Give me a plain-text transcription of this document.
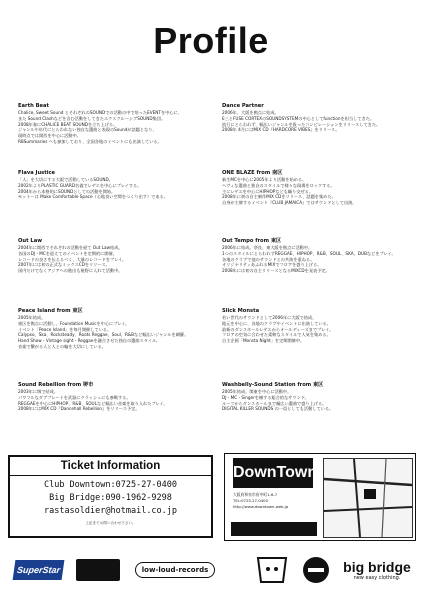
Profile
Earth Beat
Chalice, Sweet Sound とそれぞれのSOUNDでの活動の中で培ったEVENTを中心に、
また Sound Clashなどを含む活動をしてきたエクスクルーシブSOUND集団。
2008年春にCHALICE BEAT SOUNDを立ち上げる。
ジャンルや年代にとらわれない独自な選曲と表現のSoundが話題となり、
現時点では関西を中心に活動中。
RBSummaries へも参加しており、全国各地のイベントにも出演している。
Dance Partner
2006年、大阪を拠点に結成。
E三とFUSE CORTEXのSOUNDSYSTEMの中心としてfunctionを担当してきた。
流行にとらわれず、幅広いジャンルを扱ったコンピレーションをリリースしてきた。
2008年 4月にはMIX CD『HARDCORE VIBES』をリリース。
Flava Justice
「人」を大切にする大阪で活動しているSOUND。
2002年よりPLASTIC GUARD名義でレゲエを中心にプレイする。
2004年から本格的にSOUNDとしての活動を開始。
モットーは Make Comfortable Space（心地良い空間をつくり出す）である。
ONE BLAZE from 南区
新生MCを中心に2005年より活動を始める。
ヘヴィな選曲と独自のスタイルで様々な現場をロックする。
主にレゲエを中心にHIPHOPなども織り交ぜる。
2008年に初の自主制作MIX CDをリリース、話題を集めた。
自身が主催するイベント『CLUB JAMAICA』ではサウンドとして出演。
Out Law
2004年に関西でそれぞれの活動を経て Out Law結成。
各国のDJ・MCを迎えてのイベントを定期的に開催。
レコードの良さを伝えるべく、大量のレコードをプレイ。
2007年には初の正式なミックスCDをリリース。
国内だけでなくアジアへの進出も視野に入れて活動中。
Out Tempo from 東区
2006年に結成。奈良、東大阪を拠点に活動中。
1つのスタイルにとらわれずREGGAE、HIPHOP、R&B、SOUL、SKA、DUBなどをプレイ。
各地のクラブで他のサウンドとの共演を重ねる。
オリジナリティあふれるMIXでフロアを盛り上げる。
2008年には初の自主リリースとなるMIXCDを発表予定。
Peace Island from 東区
2005年結成。
東区を拠点に活動し、Foundation Musicを中心にプレイ。
イベント「Peace Island」を毎月開催している。
Calypso、Ska、Rocksteady、Roots Reggae、Soul、R&Bなど幅広いジャンルを網羅。
Hand Show・Vintage sight・Reggaeを融合させた独自の選曲スタイル。
音楽で繋がる人と人との輪を大切にしている。
Slick Monsta
若い世代のサウンドとして2006年に大阪で結成。
地元を中心に、各地のクラブやイベントに出演している。
最新のダンスホールレゲエからオールディーズまでプレイ。
フロアの空気に合わせた柔軟なスタイルで人気を集める。
自主企画「Monsta Night」を定期開催中。
Sound Rebellion from 堺市
2003年に堺で結成。
パワフルなダブプレートを武器にクラッシュにも参戦する。
REGGAEを中心にHIPHOP、R&B、SOULなど幅広い音楽を取り入れたプレイ。
2008年にはMIX CD『Dancehall Rebellion』をリリース予定。
Washbelly-Sound Station from 東区
2005年結成。関東を中心に活動中。
DJ・MC・Singerを擁する総合的なサウンド。
ルーツからダンスホールまで幅広い選曲で盛り上げる。
DIGITAL KILLER SOUNDS の一員としても活動している。
Ticket Information
Club Downtown:0725-27-0400
Big Bridge:090-1962-9298
rastasoldier@hotmail.co.jp
上記までお問い合わせ下さい。
DownTown
大阪府和泉市府中町1-6-7
TEL:0725-27-0400
http://www.downtown-web.jp
SuperStar	low-loud-records	big bridge
new easy clothing.
